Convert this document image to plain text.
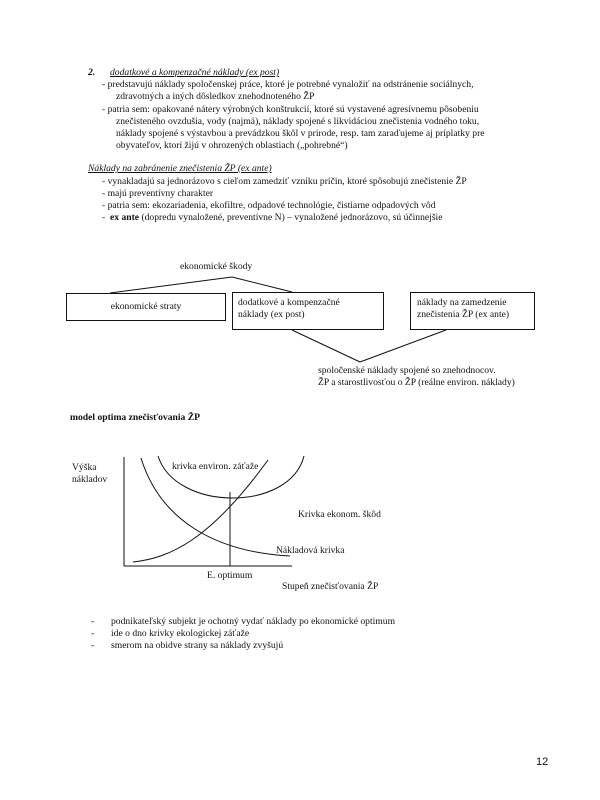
2. dodatkové a kompenzačné náklady (ex post)
- predstavujú náklady spoločenskej práce, ktoré je potrebné vynaložiť na odstránenie sociálnych,
zdravotných a iných dôsledkov znehodnoteného ŽP
- patria sem: opakované nátery výrobných konštrukcií, ktoré sú vystavené agresívnemu pôsobeniu
znečisteného ovzdušia, vody (najmä), náklady spojené s likvidáciou znečistenia vodného toku,
náklady spojené s výstavbou a prevádzkou škôl v prírode, resp. tam zaraďujeme aj príplatky pre
obyvateľov, ktorí žijú v ohrozených oblastiach („pohrebné“)
Náklady na zabránenie znečistenia ŽP (ex ante)
- vynakladajú sa jednorázovo s cieľom zamedziť vzniku príčin, ktoré spôsobujú znečistenie ŽP
- majú preventívny charakter
- patria sem: ekozariadenia, ekofiltre, odpadové technológie, čistiarne odpadových vôd
-  ex ante (dopredu vynaložené, preventívne N) – vynaložené jednorázovo, sú účinnejšie
ekonomické škody
ekonomické straty	dodatkové a kompenzačné
náklady (ex post)
náklady na zamedzenie
znečistenia ŽP (ex ante)
spoločenské náklady spojené so znehodnocov.
ŽP a starostlivosťou o ŽP (reálne environ. náklady)
model optima znečisťovania ŽP
Výška
nákladov
krivka environ. záťaže
Krivka ekonom. škôd
Nákladová krivka
E. optimum
Stupeň znečisťovania ŽP
- podnikateľský subjekt je ochotný vydať náklady po ekonomické optimum
- ide o dno krivky ekologickej záťaže
- smerom na obidve strany sa náklady zvyšujú
12
